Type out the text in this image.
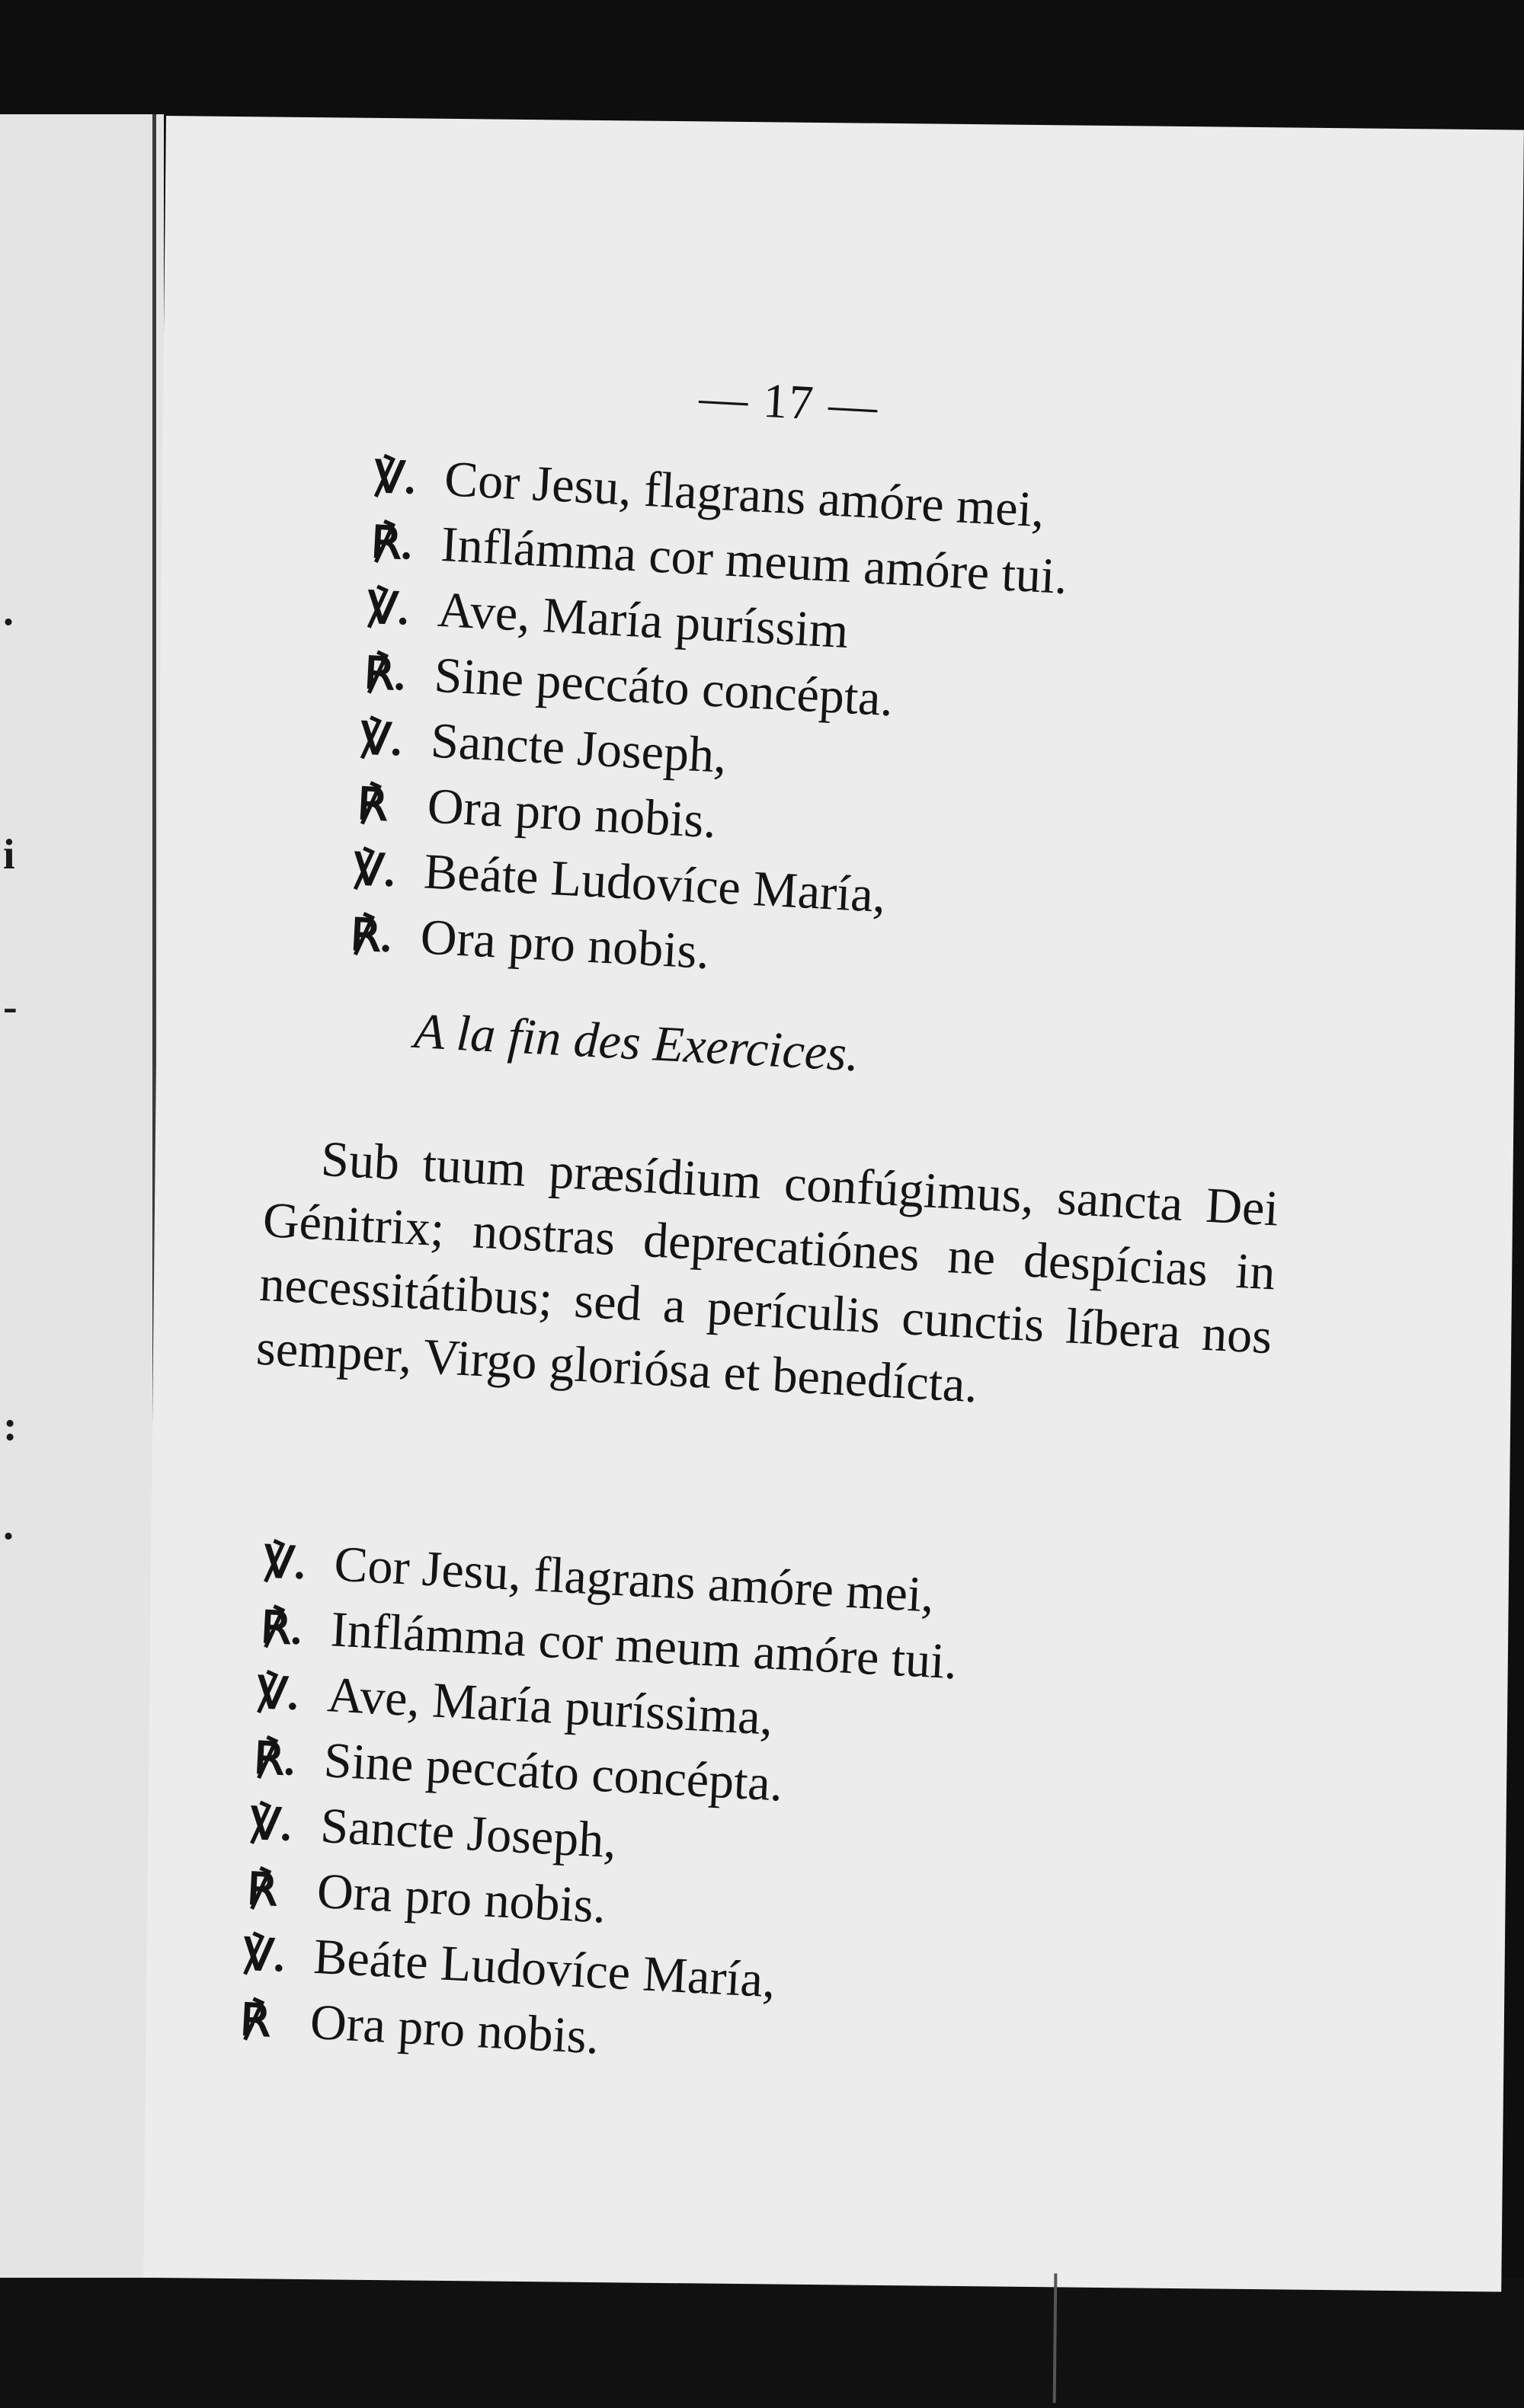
.
i
-
:
.
— 17 —
℣. Cor Jesu, flagrans amóre mei,
℟. Inflámma cor meum amóre tui.
℣. Ave, María puríssim
℟. Sine peccáto concépta.
℣. Sancte Joseph,
℟ Ora pro nobis.
℣. Beáte Ludovíce María,
℟. Ora pro nobis.
A la fin des Exercices.

Sub tuum præsídium confúgimus, sancta Dei Génitrix; nostras deprecatiónes ne despícias in necessitátibus; sed a perículis cunctis líbera nos semper, Virgo gloriósa et benedícta.

℣. Cor Jesu, flagrans amóre mei,
℟. Inflámma cor meum amóre tui.
℣. Ave, María puríssima,
℟. Sine peccáto concépta.
℣. Sancte Joseph,
℟ Ora pro nobis.
℣. Beáte Ludovíce María,
℟ Ora pro nobis.
